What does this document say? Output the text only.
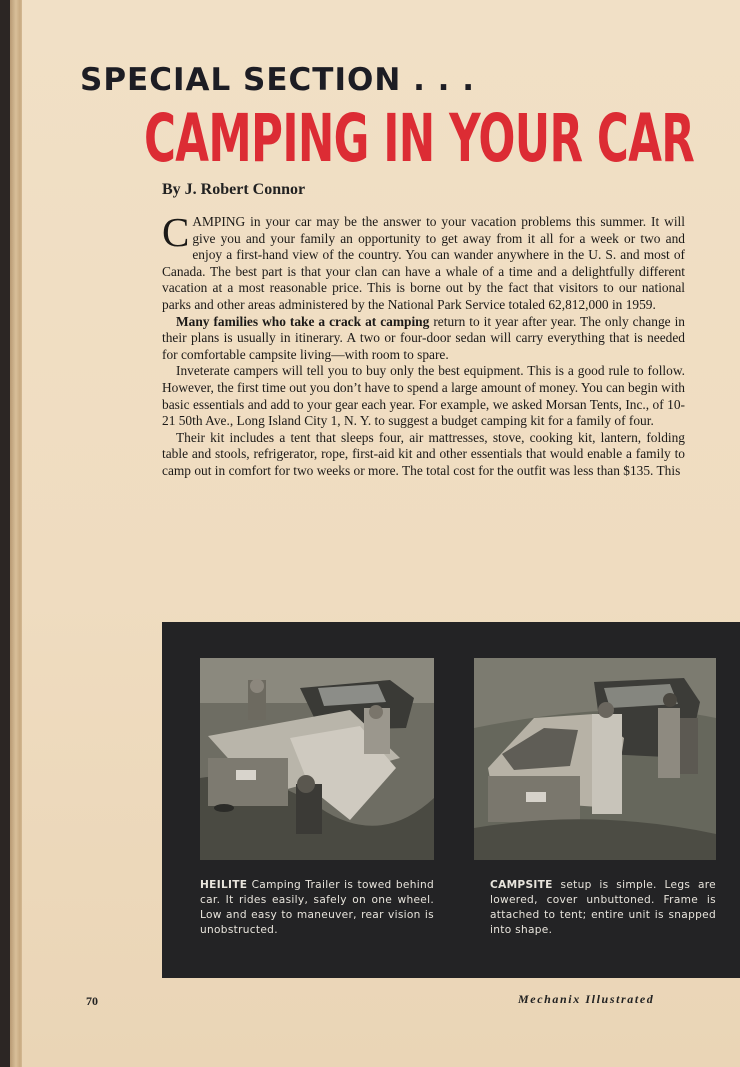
SPECIAL SECTION . . .
CAMPING IN YOUR CAR
By J. Robert Connor

CAMPING in your car may be the answer to your vacation problems this summer. It will give you and your family an opportunity to get away from it all for a week or two and enjoy a first-hand view of the country. You can wander anywhere in the U. S. and most of Canada. The best part is that your clan can have a whale of a time and a delightfully different vacation at a most reasonable price. This is borne out by the fact that visitors to our national parks and other areas administered by the National Park Service totaled 62,812,000 in 1959.

Many families who take a crack at camping return to it year after year. The only change in their plans is usually in itinerary. A two or four-door sedan will carry everything that is needed for comfortable campsite living—with room to spare.

Inveterate campers will tell you to buy only the best equipment. This is a good rule to follow. However, the first time out you don’t have to spend a large amount of money. You can begin with basic essentials and add to your gear each year. For example, we asked Morsan Tents, Inc., of 10-21 50th Ave., Long Island City 1, N. Y. to suggest a budget camping kit for a family of four.

Their kit includes a tent that sleeps four, air mattresses, stove, cooking kit, lantern, folding table and stools, refrigerator, rope, first-aid kit and other essentials that would enable a family to camp out in comfort for two weeks or more. The total cost for the outfit was less than $135. This

HEILITE Camping Trailer is towed behind car. It rides easily, safely on one wheel. Low and easy to maneuver, rear vision is unobstructed.
CAMPSITE setup is simple. Legs are lowered, cover unbuttoned. Frame is attached to tent; entire unit is snapped into shape.
70	Mechanix Illustrated
